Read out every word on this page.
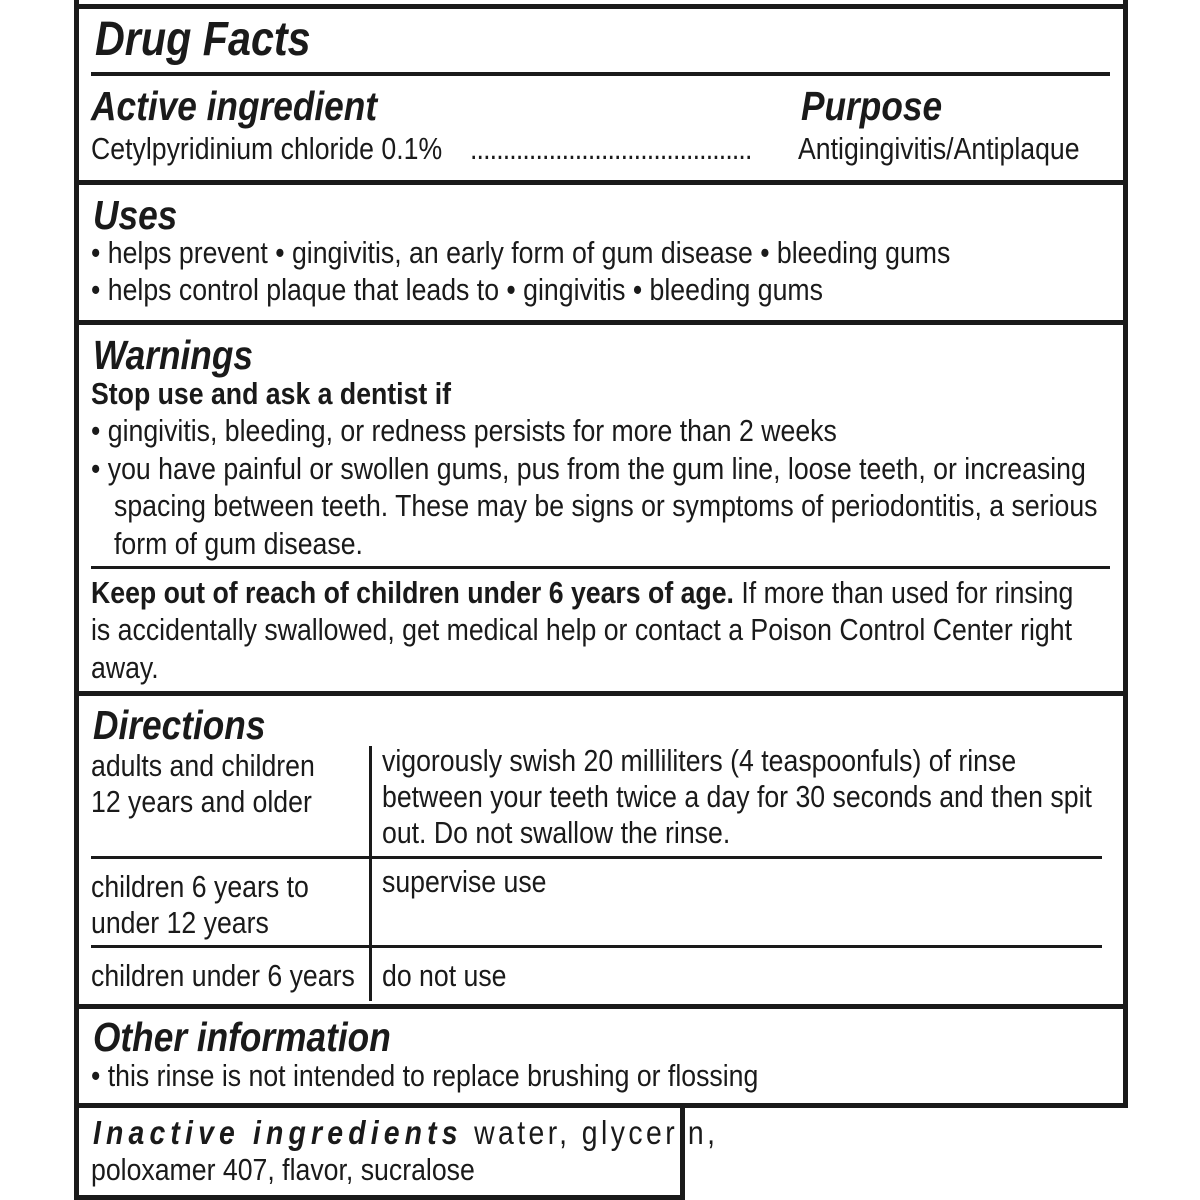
Drug Facts
Active ingredient	Purpose
Cetylpyridinium chloride 0.1% ........................................... Antigingivitis/Antiplaque
Uses
• helps prevent • gingivitis, an early form of gum disease • bleeding gums
• helps control plaque that leads to • gingivitis • bleeding gums
Warnings
Stop use and ask a dentist if
• gingivitis, bleeding, or redness persists for more than 2 weeks
• you have painful or swollen gums, pus from the gum line, loose teeth, or increasing
spacing between teeth. These may be signs or symptoms of periodontitis, a serious
form of gum disease.
Keep out of reach of children under 6 years of age. If more than used for rinsing
is accidentally swallowed, get medical help or contact a Poison Control Center right
away.
Directions
adults and children
12 years and older
vigorously swish 20 milliliters (4 teaspoonfuls) of rinse
between your teeth twice a day for 30 seconds and then spit
out. Do not swallow the rinse.
children 6 years to
under 12 years
supervise use
children under 6 years do not use
Other information
• this rinse is not intended to replace brushing or flossing
Inactive ingredients water, glycerin,
poloxamer 407, flavor, sucralose
